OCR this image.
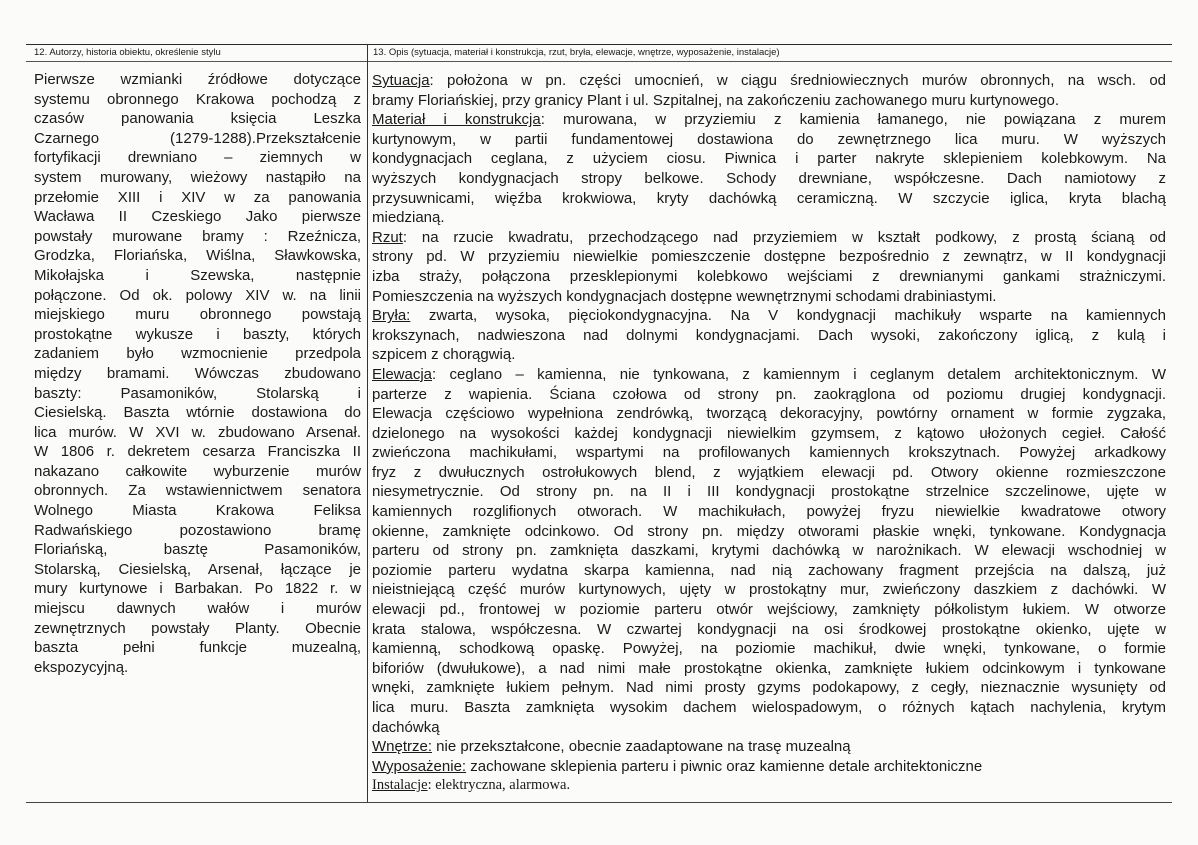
12. Autorzy, historia obiektu, określenie stylu	13. Opis (sytuacja, materiał i konstrukcja, rzut, bryła, elewacje, wnętrze, wyposażenie, instalacje)
Pierwsze wzmianki źródłowe dotyczące
systemu obronnego Krakowa pochodzą z
czasów panowania księcia Leszka
Czarnego (1279-1288).Przekształcenie
fortyfikacji drewniano – ziemnych w
system murowany, wieżowy nastąpiło na
przełomie XIII i XIV w za panowania
Wacława II Czeskiego Jako pierwsze
powstały murowane bramy : Rzeźnicza,
Grodzka, Floriańska, Wiślna, Sławkowska,
Mikołajska i Szewska, następnie
połączone. Od ok. polowy XIV w. na linii
miejskiego muru obronnego powstają
prostokątne wykusze i baszty, których
zadaniem było wzmocnienie przedpola
między bramami. Wówczas zbudowano
baszty: Pasamoników, Stolarską i
Ciesielską. Baszta wtórnie dostawiona do
lica murów. W XVI w. zbudowano Arsenał.
W 1806 r. dekretem cesarza Franciszka II
nakazano całkowite wyburzenie murów
obronnych. Za wstawiennictwem senatora
Wolnego Miasta Krakowa Feliksa
Radwańskiego pozostawiono bramę
Floriańską, basztę Pasamoników,
Stolarską, Ciesielską, Arsenał, łączące je
mury kurtynowe i Barbakan. Po 1822 r. w
miejscu dawnych wałów i murów
zewnętrznych powstały Planty. Obecnie
baszta pełni funkcje muzealną,
ekspozycyjną.
Sytuacja: położona w pn. części umocnień, w ciągu średniowiecznych murów obronnych, na wsch. od
bramy Floriańskiej, przy granicy Plant i ul. Szpitalnej, na zakończeniu zachowanego muru kurtynowego.
Materiał i konstrukcja: murowana, w przyziemiu z kamienia łamanego, nie powiązana z murem
kurtynowym, w partii fundamentowej dostawiona do zewnętrznego lica muru. W wyższych
kondygnacjach ceglana, z użyciem ciosu. Piwnica i parter nakryte sklepieniem kolebkowym. Na
wyższych kondygnacjach stropy belkowe. Schody drewniane, współczesne. Dach namiotowy z
przysuwnicami, więźba krokwiowa, kryty dachówką ceramiczną. W szczycie iglica, kryta blachą
miedzianą.
Rzut: na rzucie kwadratu, przechodzącego nad przyziemiem w kształt podkowy, z prostą ścianą od
strony pd. W przyziemiu niewielkie pomieszczenie dostępne bezpośrednio z zewnątrz, w II kondygnacji
izba straży, połączona przesklepionymi kolebkowo wejściami z drewnianymi gankami strażniczymi.
Pomieszczenia na wyższych kondygnacjach dostępne wewnętrznymi schodami drabiniastymi.
Bryła: zwarta, wysoka, pięciokondygnacyjna. Na V kondygnacji machikuły wsparte na kamiennych
krokszynach, nadwieszona nad dolnymi kondygnacjami. Dach wysoki, zakończony iglicą, z kulą i
szpicem z chorągwią.
Elewacja: ceglano – kamienna, nie tynkowana, z kamiennym i ceglanym detalem architektonicznym. W
parterze z wapienia. Ściana czołowa od strony pn. zaokrąglona od poziomu drugiej kondygnacji.
Elewacja częściowo wypełniona zendrówką, tworzącą dekoracyjny, powtórny ornament w formie zygzaka,
dzielonego na wysokości każdej kondygnacji niewielkim gzymsem, z kątowo ułożonych cegieł. Całość
zwieńczona machikułami, wspartymi na profilowanych kamiennych krokszytnach. Powyżej arkadkowy
fryz z dwułucznych ostrołukowych blend, z wyjątkiem elewacji pd. Otwory okienne rozmieszczone
niesymetrycznie. Od strony pn. na II i III kondygnacji prostokątne strzelnice szczelinowe, ujęte w
kamiennych rozglifionych otworach. W machikułach, powyżej fryzu niewielkie kwadratowe otwory
okienne, zamknięte odcinkowo. Od strony pn. między otworami płaskie wnęki, tynkowane. Kondygnacja
parteru od strony pn. zamknięta daszkami, krytymi dachówką w narożnikach. W elewacji wschodniej w
poziomie parteru wydatna skarpa kamienna, nad nią zachowany fragment przejścia na dalszą, już
nieistniejącą część murów kurtynowych, ujęty w prostokątny mur, zwieńczony daszkiem z dachówki. W
elewacji pd., frontowej w poziomie parteru otwór wejściowy, zamknięty półkolistym łukiem. W otworze
krata stalowa, współczesna. W czwartej kondygnacji na osi środkowej prostokątne okienko, ujęte w
kamienną, schodkową opaskę. Powyżej, na poziomie machikuł, dwie wnęki, tynkowane, o formie
biforiów (dwułukowe), a nad nimi małe prostokątne okienka, zamknięte łukiem odcinkowym i tynkowane
wnęki, zamknięte łukiem pełnym. Nad nimi prosty gzyms podokapowy, z cegły, nieznacznie wysunięty od
lica muru. Baszta zamknięta wysokim dachem wielospadowym, o różnych kątach nachylenia, krytym
dachówką
Wnętrze: nie przekształcone, obecnie zaadaptowane na trasę muzealną
Wyposażenie: zachowane sklepienia parteru i piwnic oraz kamienne detale architektoniczne
Instalacje: elektryczna, alarmowa.
